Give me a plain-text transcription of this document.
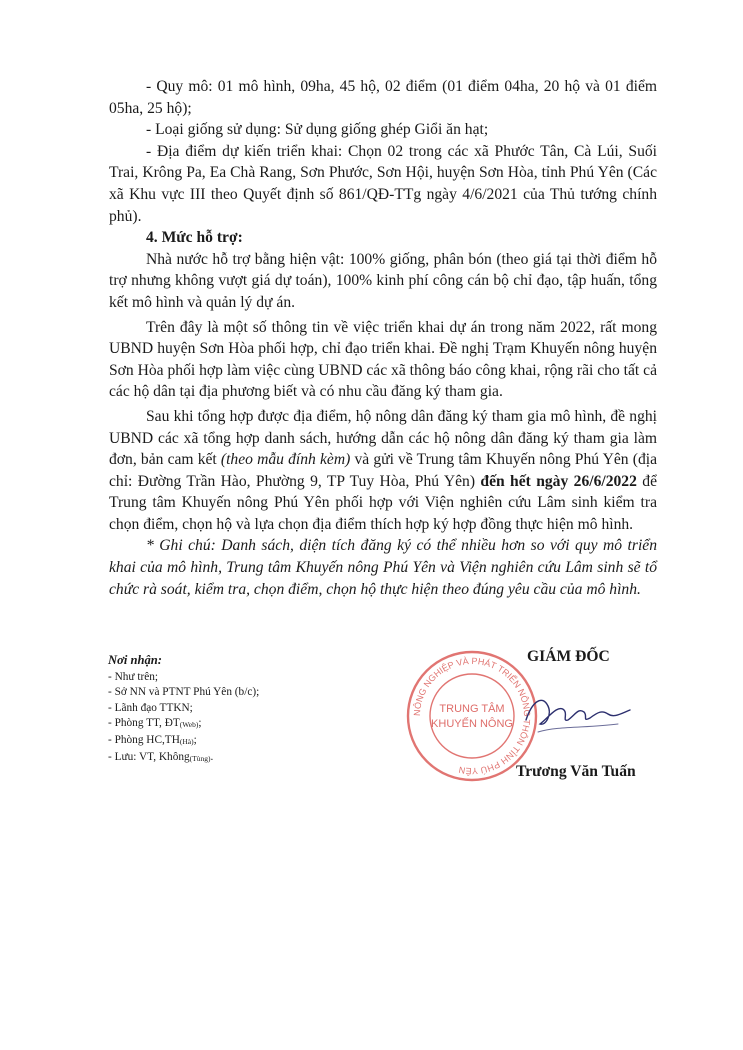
- Quy mô: 01 mô hình, 09ha, 45 hộ, 02 điểm (01 điểm 04ha, 20 hộ và 01 điểm 05ha, 25 hộ);

- Loại giống sử dụng: Sử dụng giống ghép Giổi ăn hạt;

- Địa điểm dự kiến triển khai: Chọn 02 trong các xã Phước Tân, Cà Lúi, Suối Trai, Krông Pa, Ea Chà Rang, Sơn Phước, Sơn Hội, huyện Sơn Hòa, tỉnh Phú Yên (Các xã Khu vực III theo Quyết định số 861/QĐ-TTg ngày 4/6/2021 của Thủ tướng chính phủ).

4. Mức hỗ trợ:

Nhà nước hỗ trợ bằng hiện vật: 100% giống, phân bón (theo giá tại thời điểm hỗ trợ nhưng không vượt giá dự toán), 100% kinh phí công cán bộ chỉ đạo, tập huấn, tổng kết mô hình và quản lý dự án.

Trên đây là một số thông tin về việc triển khai dự án trong năm 2022, rất mong UBND huyện Sơn Hòa phối hợp, chỉ đạo triển khai. Đề nghị Trạm Khuyến nông huyện Sơn Hòa phối hợp làm việc cùng UBND các xã thông báo công khai, rộng rãi cho tất cả các hộ dân tại địa phương biết và có nhu cầu đăng ký tham gia.

Sau khi tổng hợp được địa điểm, hộ nông dân đăng ký tham gia mô hình, đề nghị UBND các xã tổng hợp danh sách, hướng dẫn các hộ nông dân đăng ký tham gia làm đơn, bản cam kết (theo mẫu đính kèm) và gửi về Trung tâm Khuyến nông Phú Yên (địa chỉ: Đường Trần Hào, Phường 9, TP Tuy Hòa, Phú Yên) đến hết ngày 26/6/2022 để Trung tâm Khuyến nông Phú Yên phối hợp với Viện nghiên cứu Lâm sinh kiểm tra chọn điểm, chọn hộ và lựa chọn địa điểm thích hợp ký hợp đồng thực hiện mô hình.

* Ghi chú: Danh sách, diện tích đăng ký có thể nhiều hơn so với quy mô triển khai của mô hình, Trung tâm Khuyến nông Phú Yên và Viện nghiên cứu Lâm sinh sẽ tổ chức rà soát, kiểm tra, chọn điểm, chọn hộ thực hiện theo đúng yêu cầu của mô hình.

Nơi nhận:
- Như trên;
- Sở NN và PTNT Phú Yên (b/c);
- Lãnh đạo TTKN;
- Phòng TT, ĐT(Web);
- Phòng HC,TH(Hà);
- Lưu: VT, Không(Tùng).
GIÁM ĐỐC
NÔNG NGHIỆP VÀ PHÁT TRIỂN NÔNG THÔN TỈNH PHÚ YÊN
TRUNG TÂM
KHUYẾN NÔNG
Trương Văn Tuấn
